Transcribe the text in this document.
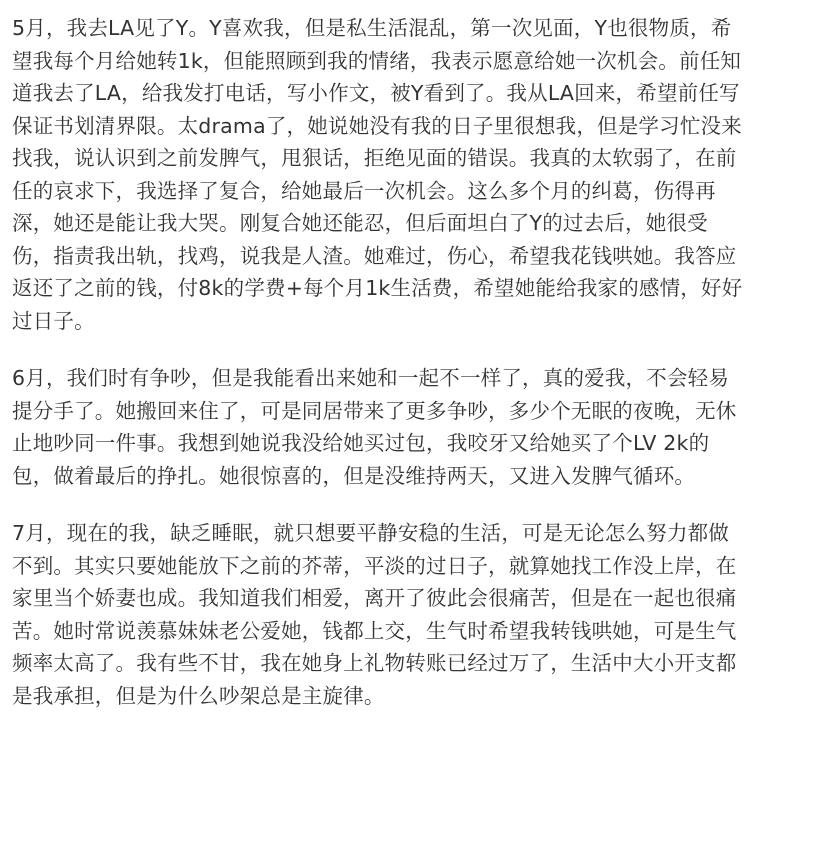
5月，我去LA见了Y。Y喜欢我，但是私生活混乱，第一次见面，Y也很物质，希
望我每个月给她转1k，但能照顾到我的情绪，我表示愿意给她一次机会。前任知
道我去了LA，给我发打电话，写小作文，被Y看到了。我从LA回来，希望前任写
保证书划清界限。太drama了，她说她没有我的日子里很想我，但是学习忙没来
找我，说认识到之前发脾气，甩狠话，拒绝见面的错误。我真的太软弱了，在前
任的哀求下，我选择了复合，给她最后一次机会。这么多个月的纠葛，伤得再
深，她还是能让我大哭。刚复合她还能忍，但后面坦白了Y的过去后，她很受
伤，指责我出轨，找鸡，说我是人渣。她难过，伤心，希望我花钱哄她。我答应
返还了之前的钱，付8k的学费+每个月1k生活费，希望她能给我家的感情，好好
过日子。

6月，我们时有争吵，但是我能看出来她和一起不一样了，真的爱我，不会轻易
提分手了。她搬回来住了，可是同居带来了更多争吵，多少个无眠的夜晚，无休
止地吵同一件事。我想到她说我没给她买过包，我咬牙又给她买了个LV 2k的
包，做着最后的挣扎。她很惊喜的，但是没维持两天，又进入发脾气循环。

7月，现在的我，缺乏睡眠，就只想要平静安稳的生活，可是无论怎么努力都做
不到。其实只要她能放下之前的芥蒂，平淡的过日子，就算她找工作没上岸，在
家里当个娇妻也成。我知道我们相爱，离开了彼此会很痛苦，但是在一起也很痛
苦。她时常说羡慕妹妹老公爱她，钱都上交，生气时希望我转钱哄她，可是生气
频率太高了。我有些不甘，我在她身上礼物转账已经过万了，生活中大小开支都
是我承担，但是为什么吵架总是主旋律。
